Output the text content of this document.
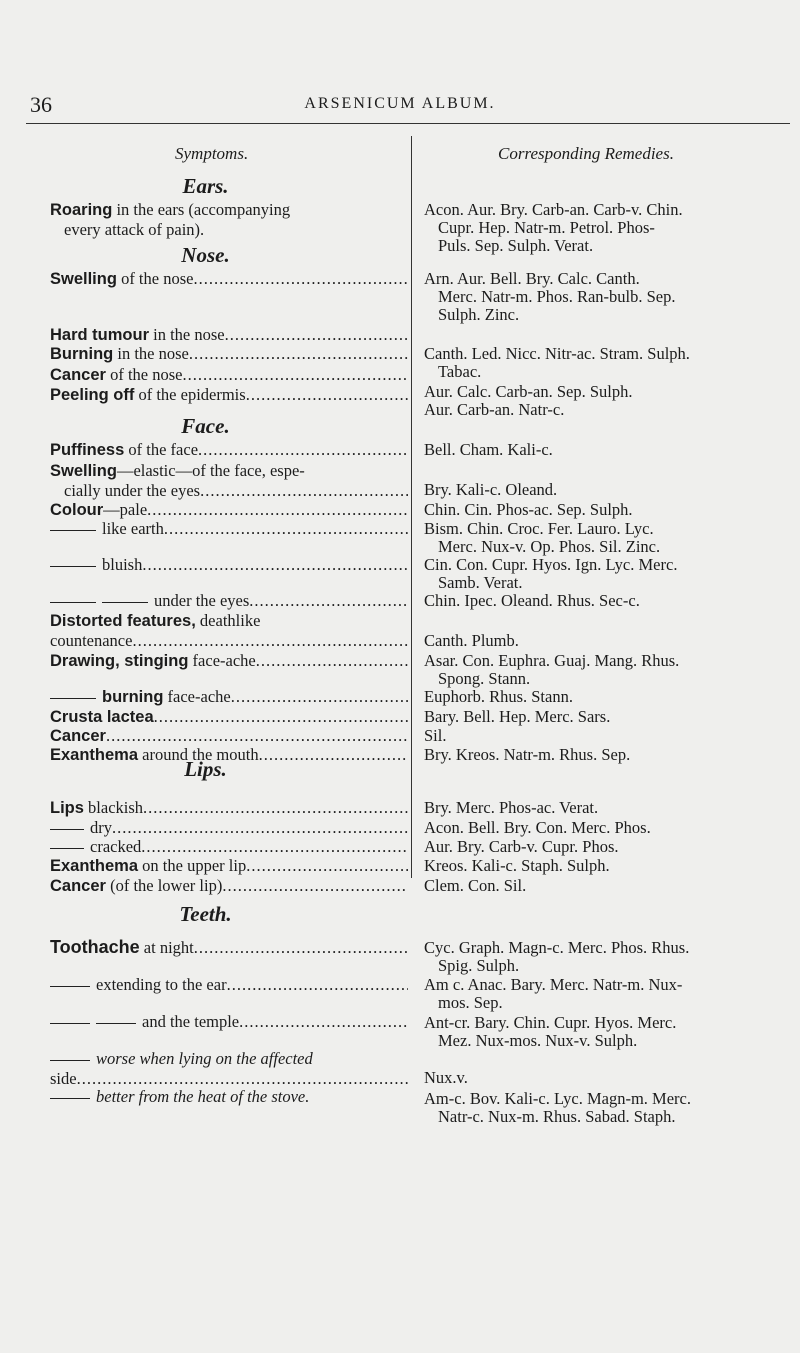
36	ARSENICUM ALBUM.
Symptoms.	Corresponding Remedies.
Ears.
Nose.
Face.
Lips.
Teeth.
Roaring in the ears (accompanying
every attack of pain).
Swelling of the nose
.....
Hard tumour in the nose
.....
Burning in the nose
.....
Cancer of the nose
.....
Peeling off of the epidermis
.....
Puffiness of the face
.....
Swelling—elastic—of the face, espe-
cially under the eyes
.....
Colour—pale
.....
like earth
.....
bluish
.....
under the eyes
.....
Distorted features, deathlike
countenance
.....
Drawing, stinging face-ache
.....
burning face-ache
.....
Crusta lactea
.....
Cancer
.....
Exanthema around the mouth
.....
Lips blackish
.....
dry
.....
cracked
.....
Exanthema on the upper lip
.....
Cancer (of the lower lip)
.....
Toothache at night
.....
extending to the ear
.....
and the temple
.....
worse when lying on the affected
side
.....
better from the heat of the stove.
Acon. Aur. Bry. Carb-an. Carb-v. Chin.
Cupr. Hep. Natr-m. Petrol. Phos-
Puls. Sep. Sulph. Verat.
Arn. Aur. Bell. Bry. Calc. Canth.
Merc. Natr-m. Phos. Ran-bulb. Sep.
Sulph. Zinc.
Canth. Led. Nicc. Nitr-ac. Stram. Sulph.
Tabac.
Aur. Calc. Carb-an. Sep. Sulph.
Aur. Carb-an. Natr-c.
Bell. Cham. Kali-c.
Bry. Kali-c. Oleand.
Chin. Cin. Phos-ac. Sep. Sulph.
Bism. Chin. Croc. Fer. Lauro. Lyc.
Merc. Nux-v. Op. Phos. Sil. Zinc.
Cin. Con. Cupr. Hyos. Ign. Lyc. Merc.
Samb. Verat.
Chin. Ipec. Oleand. Rhus. Sec-c.
Canth. Plumb.
Asar. Con. Euphra. Guaj. Mang. Rhus.
Spong. Stann.
Euphorb. Rhus. Stann.
Bary. Bell. Hep. Merc. Sars.
Sil.
Bry. Kreos. Natr-m. Rhus. Sep.
Bry. Merc. Phos-ac. Verat.
Acon. Bell. Bry. Con. Merc. Phos.
Aur. Bry. Carb-v. Cupr. Phos.
Kreos. Kali-c. Staph. Sulph.
Clem. Con. Sil.
Cyc. Graph. Magn-c. Merc. Phos. Rhus.
Spig. Sulph.
Am c. Anac. Bary. Merc. Natr-m. Nux-
mos. Sep.
Ant-cr. Bary. Chin. Cupr. Hyos. Merc.
Mez. Nux-mos. Nux-v. Sulph.
Nux.v.
Am-c. Bov. Kali-c. Lyc. Magn-m. Merc.
Natr-c. Nux-m. Rhus. Sabad. Staph.
